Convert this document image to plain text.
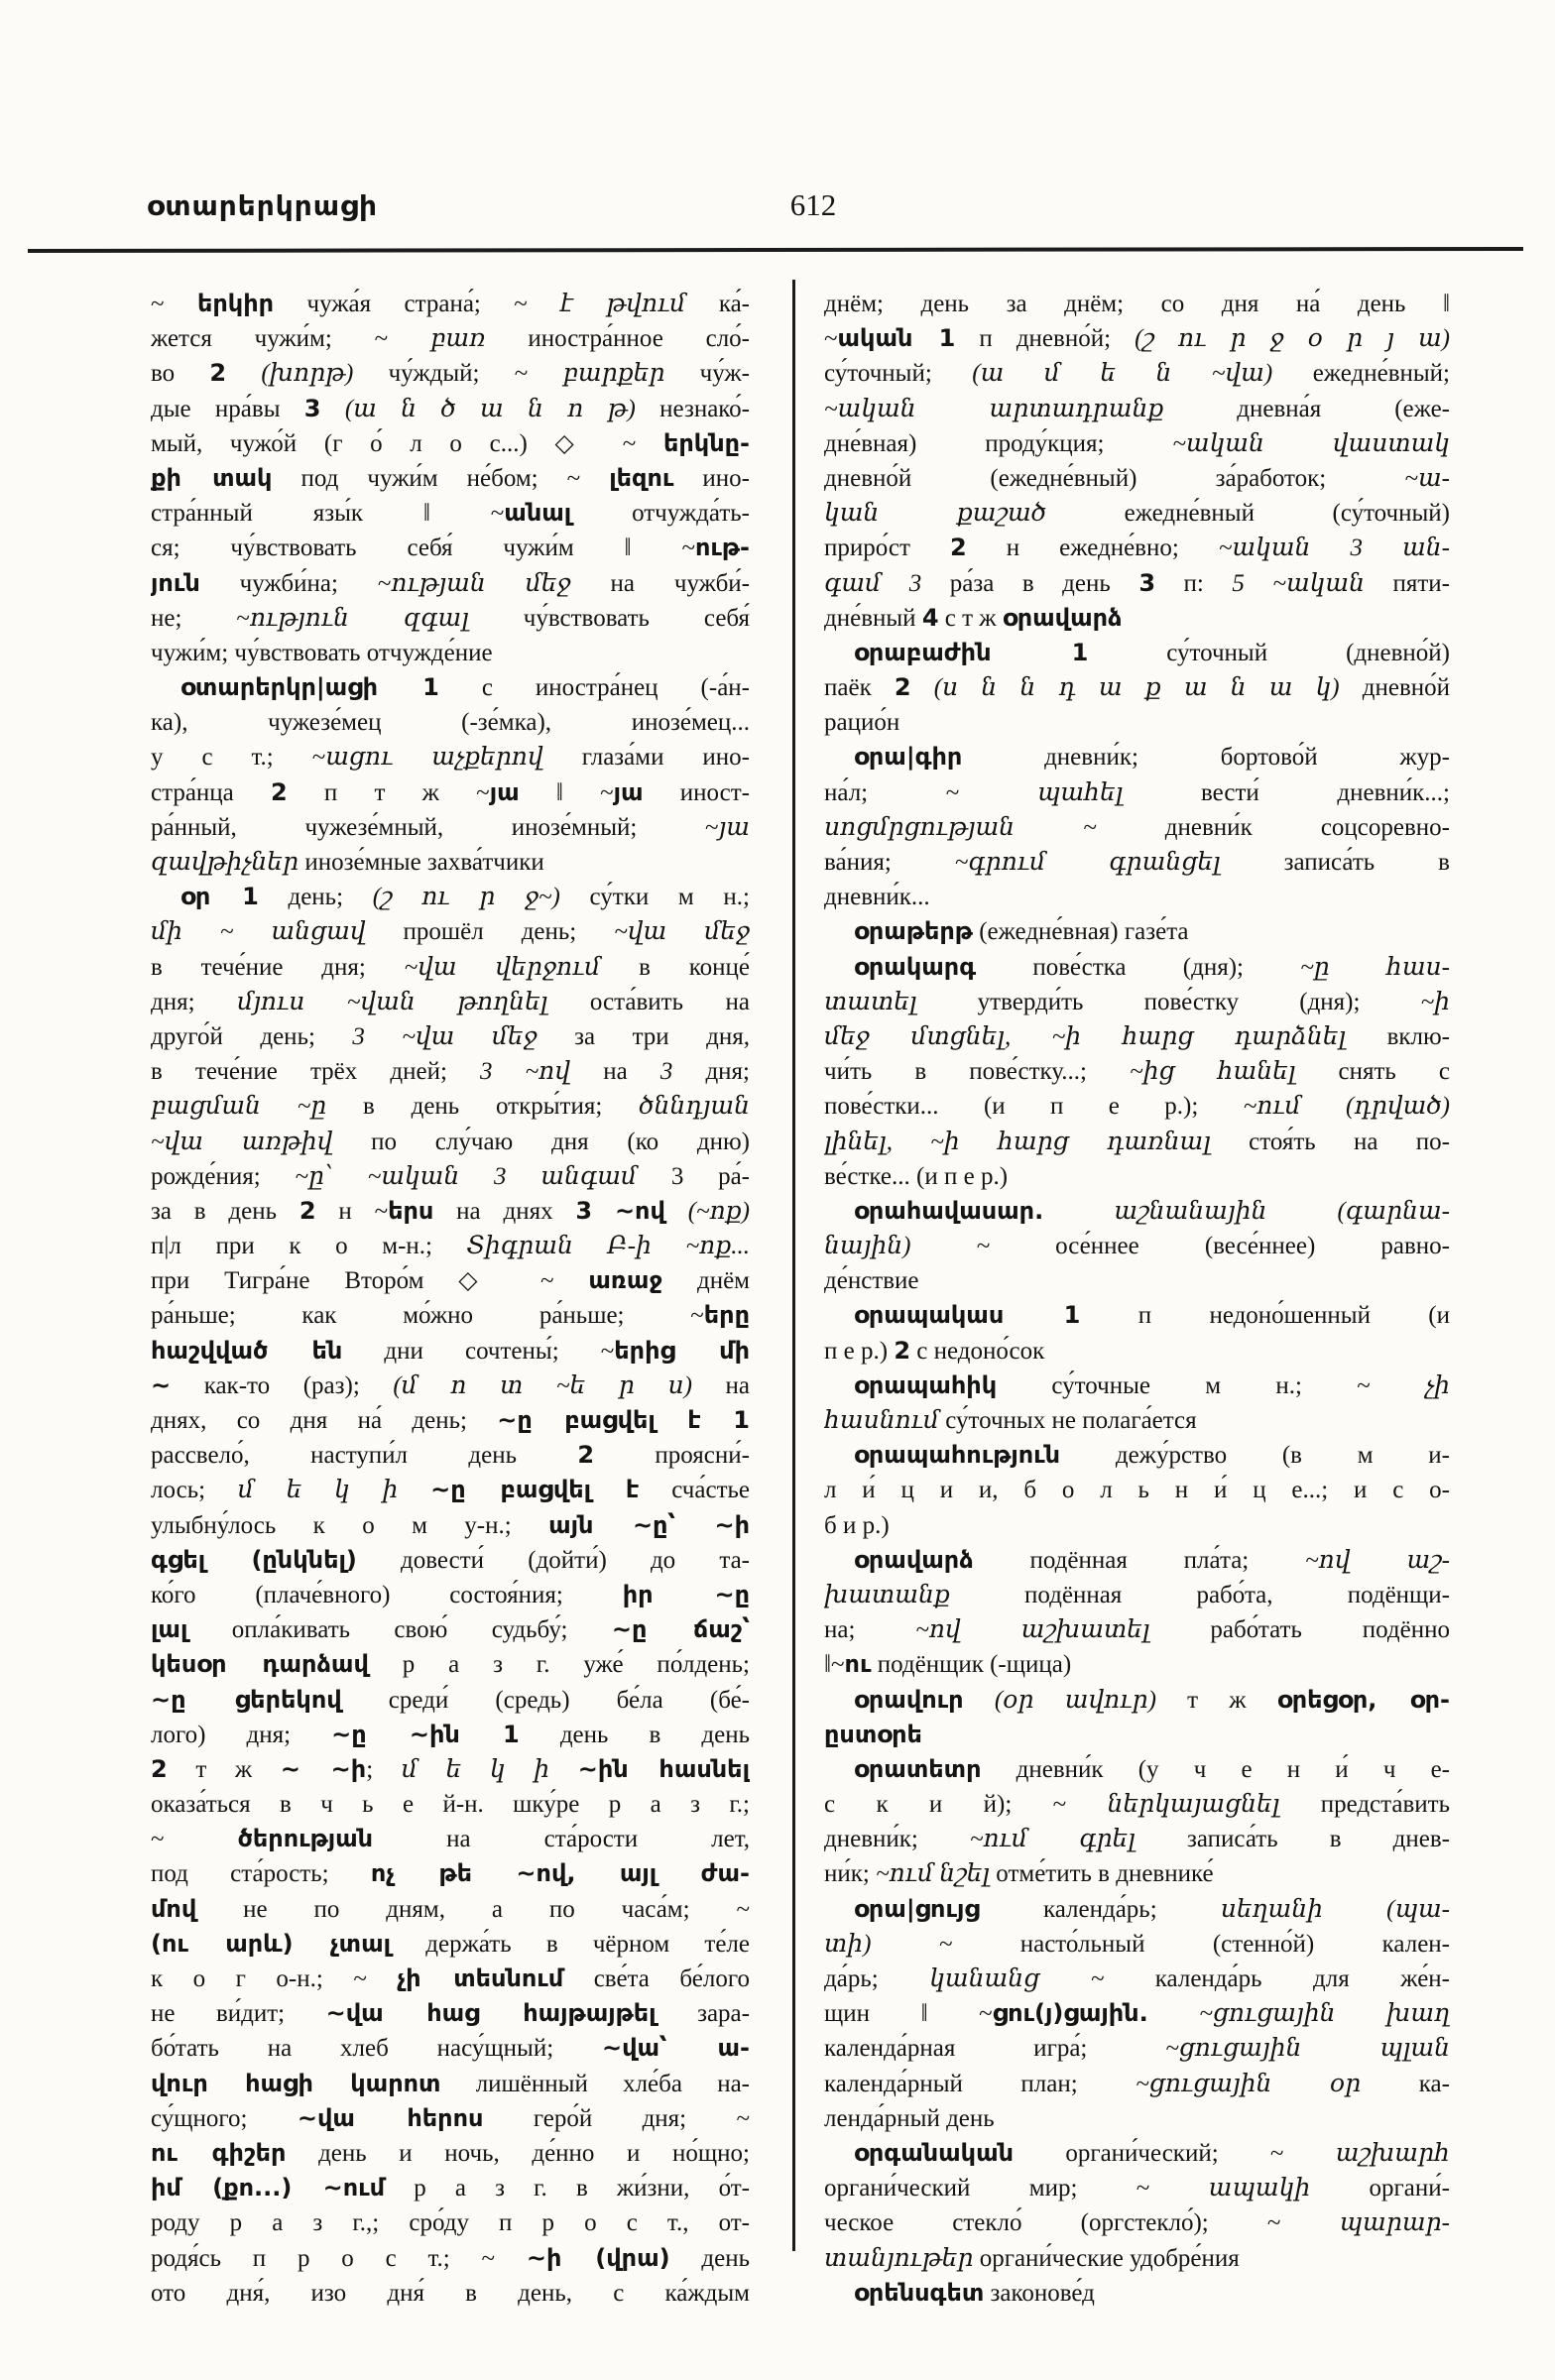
օտարերկրացի	612
~ երկիր чужа́я страна́; ~ է թվում ка́-
жется чужи́м; ~ բառ иностра́нное сло́-
во 2 (խորթ) чу́ждый; ~ բարքեր чу́ж-
дые нра́вы 3 (ա ն ծ ա ն ո թ) незнако́-
мый, чужо́й (г о́ л о с...) ◇ ~ երկնը-
քի տակ под чужи́м не́бом; ~ լեզու ино-
стра́нный язы́к ‖ ~անալ отчужда́ть-
ся; чу́вствовать себя́ чужи́м ‖ ~ութ-
յուն чужби́на; ~ության մեջ на чужби́-
не; ~ություն զգալ чу́вствовать себя́
чужи́м; чу́вствовать отчужде́ние
օտարերկր|ացի 1 с иностра́нец (-а́н-
ка), чужезе́мец (-зе́мка), инозе́мец...
у с т.; ~ացու աչքերով глаза́ми ино-
стра́нца 2 п т ж ~յա ‖ ~յա иност-
ра́нный, чужезе́мный, инозе́мный; ~յա
զավթիչներ инозе́мные захва́тчики
օր 1 день; (շ ու ր ջ~) су́тки м н.;
մի ~ անցավ прошёл день; ~վա մեջ
в тече́ние дня; ~վա վերջում в конце́
дня; մյուս ~վան թողնել оста́вить на
друго́й день; 3 ~վա մեջ за три дня,
в тече́ние трёх дней; 3 ~ով на 3 дня;
բացման ~ը в день откры́тия; ծննդյան
~վա առթիվ по слу́чаю дня (ко дню)
рожде́ния; ~ը՝ ~ական 3 անգամ 3 ра́-
за в день 2 н ~երս на днях 3 ~ով (~ոք)
п|л при к о м-н.; Տիգրան Բ-ի ~ոք...
при Тигра́не Второ́м ◇ ~ առաջ днём
ра́ньше; как мо́жно ра́ньше; ~երը
հաշվված են дни сочтены́; ~երից մի
~ как-то (раз); (մ ո տ ~ե ր ս) на
днях, со дня на́ день; ~ը բացվել է 1
рассвело́, наступи́л день 2 проясни́-
лось; մ ե կ ի ~ը բացվել է сча́стье
улыбну́лось к о м у-н.; այն ~ը՝ ~ի
գցել (ընկնել) довести́ (дойти́) до та-
ко́го (плаче́вного) состоя́ния; իր ~ը
լալ опла́кивать свою́ судьбу́; ~ը ճաշ՝
կեսօր դարձավ р а з г. уже́ по́лдень;
~ը ցերեկով среди́ (средь) бе́ла (бе́-
лого) дня; ~ը ~ին 1 день в день
2 т ж ~ ~ի; մ ե կ ի ~ին հասնել
оказа́ться в ч ь е й-н. шку́ре р а з г.;
~ ծերության на ста́рости лет,
под ста́рость; ոչ թե ~ով, այլ ժա-
մով не по дням, а по часа́м; ~
(ու արև) չտալ держа́ть в чёрном те́ле
к о г о-н.; ~ չի տեսնում све́та бе́лого
не ви́дит; ~վա հաց հայթայթել зара-
бо́тать на хлеб насу́щный; ~վա՝ ա-
վուր հացի կարոտ лишённый хле́ба на-
су́щного; ~վա հերոս геро́й дня; ~
ու գիշեր день и ночь, де́нно и но́щно;
իմ (քո...) ~ում р а з г. в жи́зни, о́т-
роду р а з г.,; сро́ду п р о с т., от-
родя́сь п р о с т.; ~ ~ի (վրա) день
ото дня́, изо дня́ в день, с ка́ждым
днём; день за днём; со дня на́ день ‖
~ական 1 п дневно́й; (շ ու ր ջ օ ր յ ա)
су́точный; (ա մ ե ն ~վա) ежедне́вный;
~ական արտադրանք дневна́я (еже-
дне́вная) проду́кция; ~ական վաստակ
дневно́й (ежедне́вный) за́работок; ~ա-
կան քաշած ежедне́вный (су́точный)
приро́ст 2 н ежедне́вно; ~ական 3 ան-
գամ 3 ра́за в день 3 п: 5 ~ական пяти-
дне́вный 4 с т ж օրավարձ
օրաբաժին 1 су́точный (дневно́й)
паёк 2 (ս ն ն դ ա ք ա ն ա կ) дневно́й
рацио́н
օրա|գիր дневни́к; бортово́й жур-
на́л; ~ պահել вести́ дневни́к...;
սոցմրցության ~ дневни́к соцсоревно-
ва́ния; ~գրում գրանցել записа́ть в
дневни́к...
օրաթերթ (ежедне́вная) газе́та
օրակարգ пове́стка (дня); ~ը հաս-
տատել утверди́ть пове́стку (дня); ~ի
մեջ մտցնել, ~ի հարց դարձնել вклю-
чи́ть в пове́стку...; ~ից հանել снять с
пове́стки... (и п е р.); ~ում (դրված)
լինել, ~ի հարց դառնալ стоя́ть на по-
ве́стке... (и п е р.)
օրահավասար.	աշնանային (գարնա-
նային) ~ осе́ннее (весе́ннее) равно-
де́нствие
օրապակաս 1 п недоно́шенный (и
п е р.) 2 с недоно́сок
օրապահիկ су́точные м н.; ~ չի
հասնում су́точных не полага́ется
օրապահություն дежу́рство (в м и-
л и́ ц и и, б о л ь н и́ ц е...; и с о-
б и р.)
օրավարձ подённая пла́та; ~ով աշ-
խատանք подённая рабо́та, подёнщи-
на; ~ով աշխատել рабо́тать подённо
‖~ու подёнщик (-щица)
օրավուր (օր ավուր) т ж օրեցօր, օր-
ըստօրե
օրատետր дневни́к (у ч е н и́ ч е-
с к и й); ~ ներկայացնել предста́вить
дневни́к; ~ում գրել записа́ть в днев-
ни́к; ~ում նշել отме́тить в дневнике́
օրա|ցույց календа́рь; սեղանի (պա-
տի) ~ насто́льный (стенно́й) кален-
да́рь; կանանց ~ календа́рь для же́н-
щин ‖ ~ցու(յ)ցային. ~ցուցային խաղ
календа́рная игра́; ~ցուցային պլան
календа́рный план; ~ցուցային օր ка-
ленда́рный день
օրգանական органи́ческий; ~ աշխարհ
органи́ческий мир; ~ ապակի органи́-
ческое стекло́ (оргстекло́); ~ պարար-
տանյութեր органи́ческие удобре́ния
օրենսգետ законове́д
